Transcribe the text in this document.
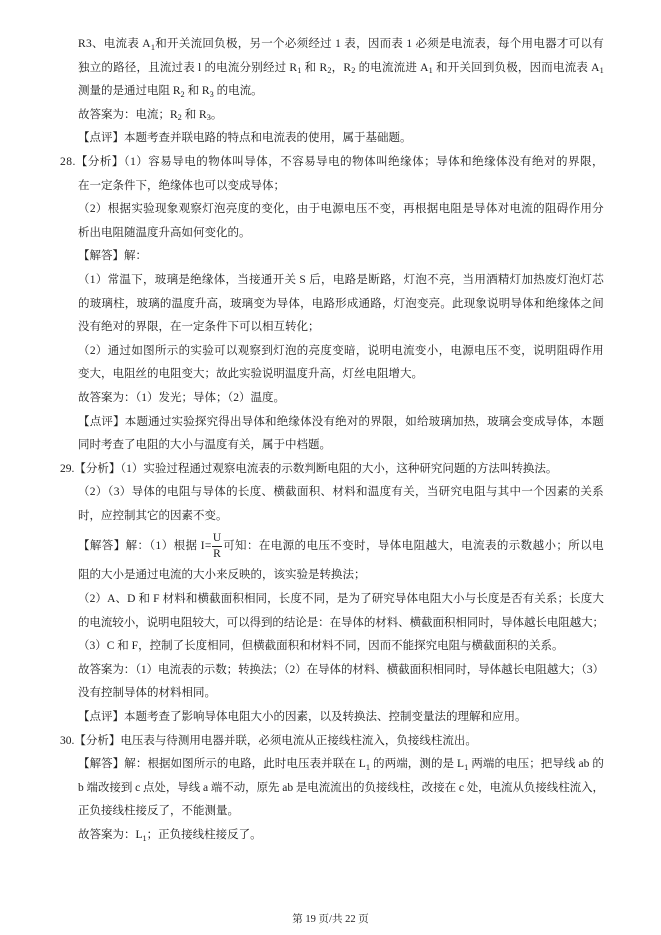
R3、电流表 $A_1$和开关流回负极，另一个必须经过 1 表，因而表 1 必须是电流表，每个用电器才可以有
独立的路径，且流过表 l 的电流分别经过 $R_1$ 和 $R_2$，$R_2$ 的电流流进 $A_1$ 和开关回到负极，因而电流表 $A_1$
测量的是通过电阻 $R_2$ 和 $R_3$ 的电流。
故答案为：电流；$R_2$ 和 $R_3$。
【点评】本题考查并联电路的特点和电流表的使用，属于基础题。
28.【分析】（1）容易导电的物体叫导体，不容易导电的物体叫绝缘体；导体和绝缘体没有绝对的界限，
在一定条件下，绝缘体也可以变成导体；
（2）根据实验现象观察灯泡亮度的变化，由于电源电压不变，再根据电阻是导体对电流的阻碍作用分
析出电阻随温度升高如何变化的。
【解答】解：
（1）常温下，玻璃是绝缘体，当接通开关 S 后，电路是断路，灯泡不亮，当用酒精灯加热废灯泡灯芯
的玻璃柱，玻璃的温度升高，玻璃变为导体，电路形成通路，灯泡变亮。此现象说明导体和绝缘体之间
没有绝对的界限，在一定条件下可以相互转化；
（2）通过如图所示的实验可以观察到灯泡的亮度变暗，说明电流变小，电源电压不变，说明阻碍作用
变大，电阻丝的电阻变大；故此实验说明温度升高，灯丝电阻增大。
故答案为：（1）发光；导体；（2）温度。
【点评】本题通过实验探究得出导体和绝缘体没有绝对的界限，如给玻璃加热，玻璃会变成导体，本题
同时考查了电阻的大小与温度有关，属于中档题。
29.【分析】（1）实验过程通过观察电流表的示数判断电阻的大小，这种研究问题的方法叫转换法。
（2）（3）导体的电阻与导体的长度、横截面积、材料和温度有关，当研究电阻与其中一个因素的关系
时，应控制其它的因素不变。
【解答】解：（1）根据 $I= \frac{U}{R}$ 可知：在电源的电压不变时，导体电阻越大，电流表的示数越小；所以电
阻的大小是通过电流的大小来反映的，该实验是转换法；
（2）A、D 和 F 材料和横截面积相同，长度不同，是为了研究导体电阻大小与长度是否有关系；长度大
的电流较小，说明电阻较大，可以得到的结论是：在导体的材料、横截面积相同时，导体越长电阻越大；
（3）C 和 F，控制了长度相同，但横截面积和材料不同，因而不能探究电阻与横截面积的关系。
故答案为：（1）电流表的示数；转换法；（2）在导体的材料、横截面积相同时，导体越长电阻越大；（3）
没有控制导体的材料相同。
【点评】本题考查了影响导体电阻大小的因素，以及转换法、控制变量法的理解和应用。
30.【分析】电压表与待测用电器并联，必须电流从正接线柱流入，负接线柱流出。
【解答】解：根据如图所示的电路，此时电压表并联在 $L_1$ 的两端，测的是 $L_1$ 两端的电压；把导线 ab 的
b 端改接到 c 点处，导线 a 端不动，原先 ab 是电流流出的负接线柱，改接在 c 处，电流从负接线柱流入，
正负接线柱接反了，不能测量。
故答案为：$L_1$；正负接线柱接反了。
第 19 页/共 22 页
